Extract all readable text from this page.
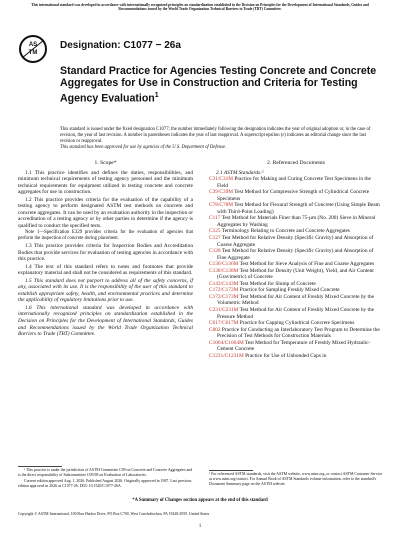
This international standard was developed in accordance with internationally recognized principles on standardization established in the Decision on Principles for the Development of International Standards, Guides and Recommendations issued by the World Trade Organization Technical Barriers to Trade (TBT) Committee.
AS
TM
Designation: C1077 − 26a
Standard Practice for Agencies Testing Concrete and Concrete Aggregates for Use in Construction and Criteria for Testing Agency Evaluation$^1$
This standard is issued under the fixed designation C1077; the number immediately following the designation indicates the year of original adoption or, in the case of revision, the year of last revision. A number in parentheses indicates the year of last reapproval. A superscript epsilon (ε) indicates an editorial change since the last revision or reapproval.
This standard has been approved for use by agencies of the U.S. Department of Defense.
1. Scope*

1.1 This practice identifies and defines the duties, responsibilities, and minimum technical requirements of testing agency personnel and the minimum technical requirements for equipment utilized in testing concrete and concrete aggregates for use in construction.

1.2 This practice provides criteria for the evaluation of the capability of a testing agency to perform designated ASTM test methods on concrete and concrete aggregates. It can be used by an evaluation authority in the inspection or accreditation of a testing agency or by other parties to determine if the agency is qualified to conduct the specified tests.

Note 1—Specification E329 provides criteria for the evaluation of agencies that perform the inspection of concrete during placement.

1.3 This practice provides criteria for Inspection Bodies and Accreditation Bodies that provide services for evaluation of testing agencies in accordance with this practice.

1.4 The text of this standard refers to notes and footnotes that provide explanatory material and shall not be considered as requirements of this standard.

1.5 This standard does not purport to address all of the safety concerns, if any, associated with its use. It is the responsibility of the user of this standard to establish appropriate safety, health, and environmental practices and determine the applicability of regulatory limitations prior to use.

1.6 This international standard was developed in accordance with internationally recognized principles on standardization established in the Decision on Principles for the Development of International Standards, Guides and Recommendations issued by the World Trade Organization Technical Barriers to Trade (TBT) Committee.

2. Referenced Documents
2.1 ASTM Standards:²
C31/C31M Practice for Making and Curing Concrete Test Specimens in the Field
C39/C39M Test Method for Compressive Strength of Cylindrical Concrete Specimens
C78/C78M Test Method for Flexural Strength of Concrete (Using Simple Beam with Third-Point Loading)
C117 Test Method for Materials Finer than 75-μm (No. 200) Sieve in Mineral Aggregates by Washing
C125 Terminology Relating to Concrete and Concrete Aggregates
C127 Test Method for Relative Density (Specific Gravity) and Absorption of Coarse Aggregate
C128 Test Method for Relative Density (Specific Gravity) and Absorption of Fine Aggregate
C136/C136M Test Method for Sieve Analysis of Fine and Coarse Aggregates
C138/C138M Test Method for Density (Unit Weight), Yield, and Air Content (Gravimetric) of Concrete
C143/C143M Test Method for Slump of Concrete
C172/C172M Practice for Sampling Freshly Mixed Concrete
C173/C173M Test Method for Air Content of Freshly Mixed Concrete by the Volumetric Method
C231/C231M Test Method for Air Content of Freshly Mixed Concrete by the Pressure Method
C617/C617M Practice for Capping Cylindrical Concrete Specimens
C802 Practice for Conducting an Interlaboratory Test Program to Determine the Precision of Test Methods for Construction Materials
C1064/C1064M Test Method for Temperature of Freshly Mixed Hydraulic-Cement Concrete
C1231/C1231M Practice for Use of Unbonded Caps in
¹ This practice is under the jurisdiction of ASTM Committee C09 on Concrete and Concrete Aggregates and is the direct responsibility of Subcommittee C09.98 on Evaluation of Laboratories.
Current edition approved Aug. 1, 2026. Published August 2026. Originally approved in 1987. Last previous edition approved in 2026 as C1077-26. DOI: 10.1520/C1077-26A.
² For referenced ASTM standards, visit the ASTM website, www.astm.org, or contact ASTM Customer Service at www.astm.org/contact. For Annual Book of ASTM Standards volume information, refer to the standard's Document Summary page on the ASTM website.
*A Summary of Changes section appears at the end of this standard
Copyright © ASTM International, 100 Barr Harbor Drive, PO Box C700, West Conshohocken, PA 19428-2959. United States
1
